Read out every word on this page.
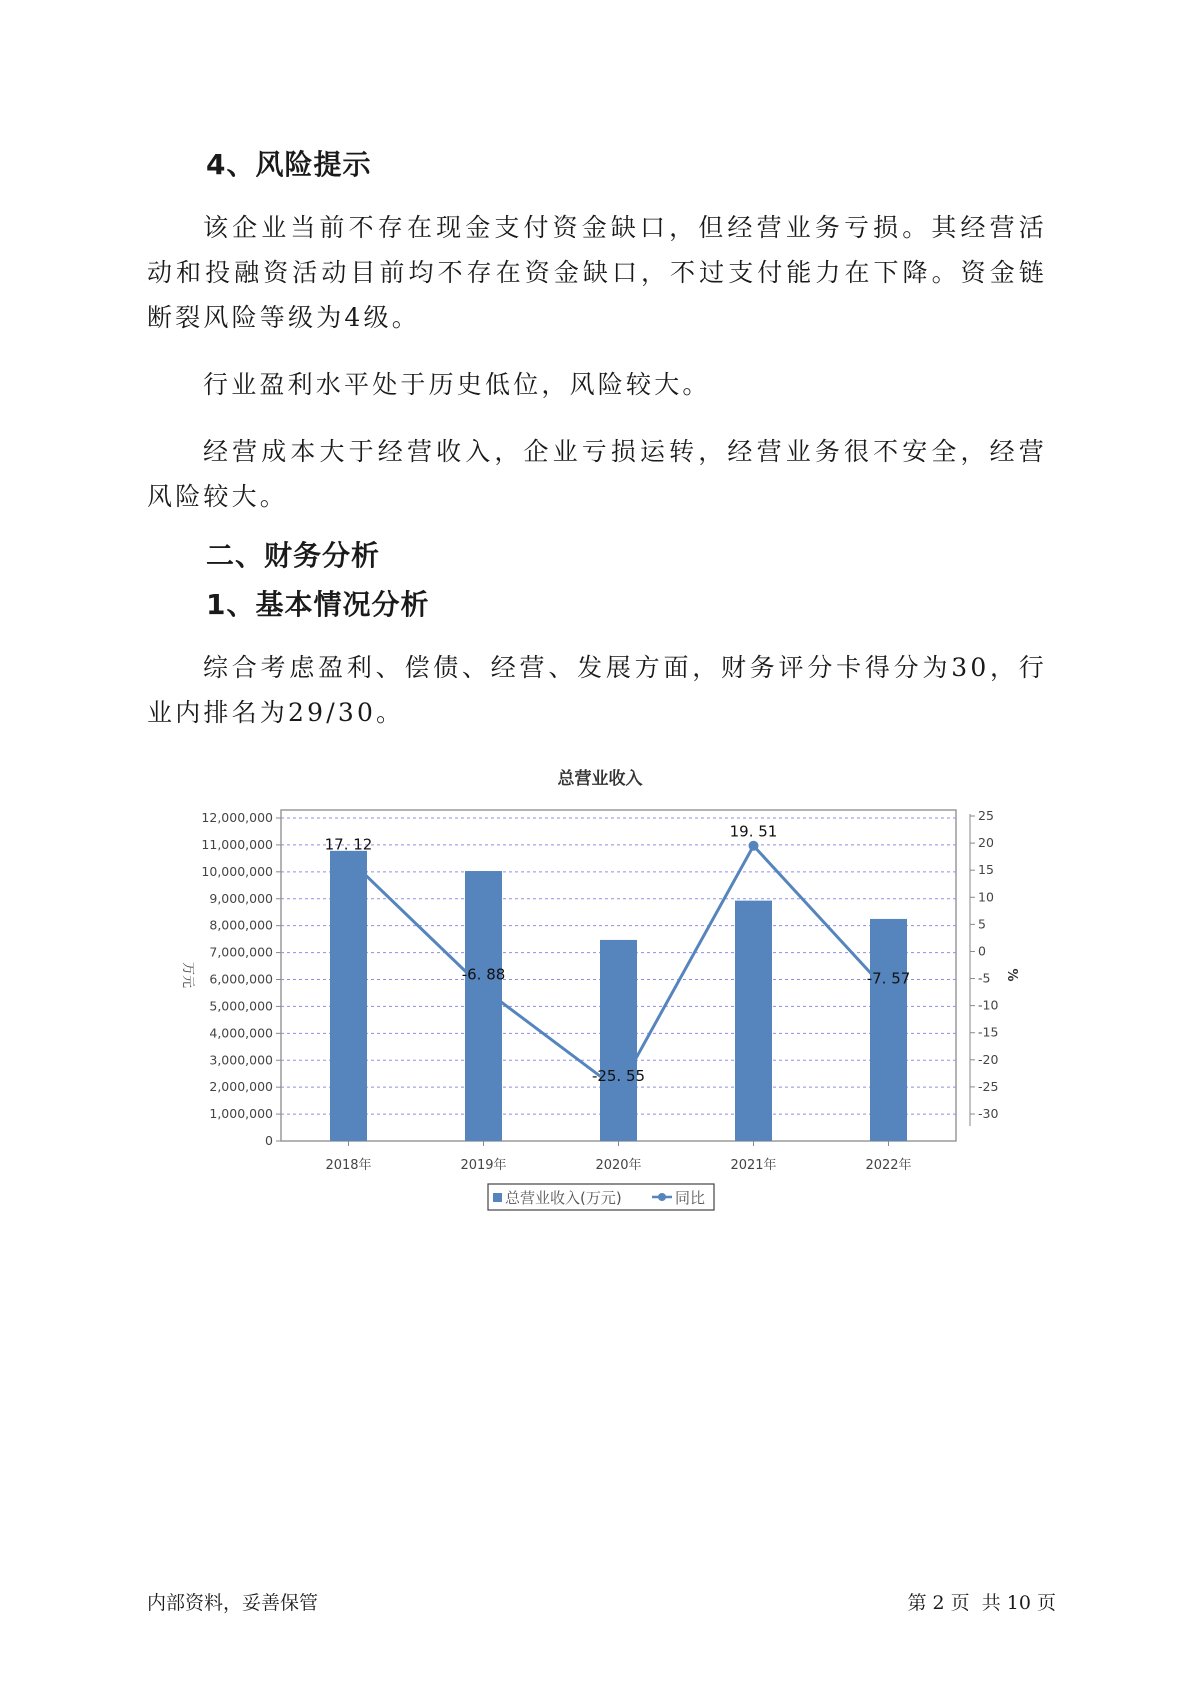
4、风险提示
该企业当前不存在现金支付资金缺口，但经营业务亏损。其经营活动和投融资活动目前均不存在资金缺口，不过支付能力在下降。资金链断裂风险等级为4级。
行业盈利水平处于历史低位，风险较大。
经营成本大于经营收入，企业亏损运转，经营业务很不安全，经营风险较大。
二、财务分析
1、基本情况分析
综合考虑盈利、偿债、经营、发展方面，财务评分卡得分为30，行业内排名为29/30。
总营业收入
12,000,000
11,000,000
10,000,000
9,000,000
8,000,000
7,000,000
6,000,000
5,000,000
4,000,000
3,000,000
2,000,000
1,000,000
0
25
20
15
10
5
0
-5
-10
-15
-20
-25
-30
17. 12
-6. 88
-25. 55
19. 51
-7. 57
2018年	2019年	2020年	2021年	2022年
万元	%
总营业收入(万元)	同比
内部资料，妥善保管	第 2 页  共 10 页
